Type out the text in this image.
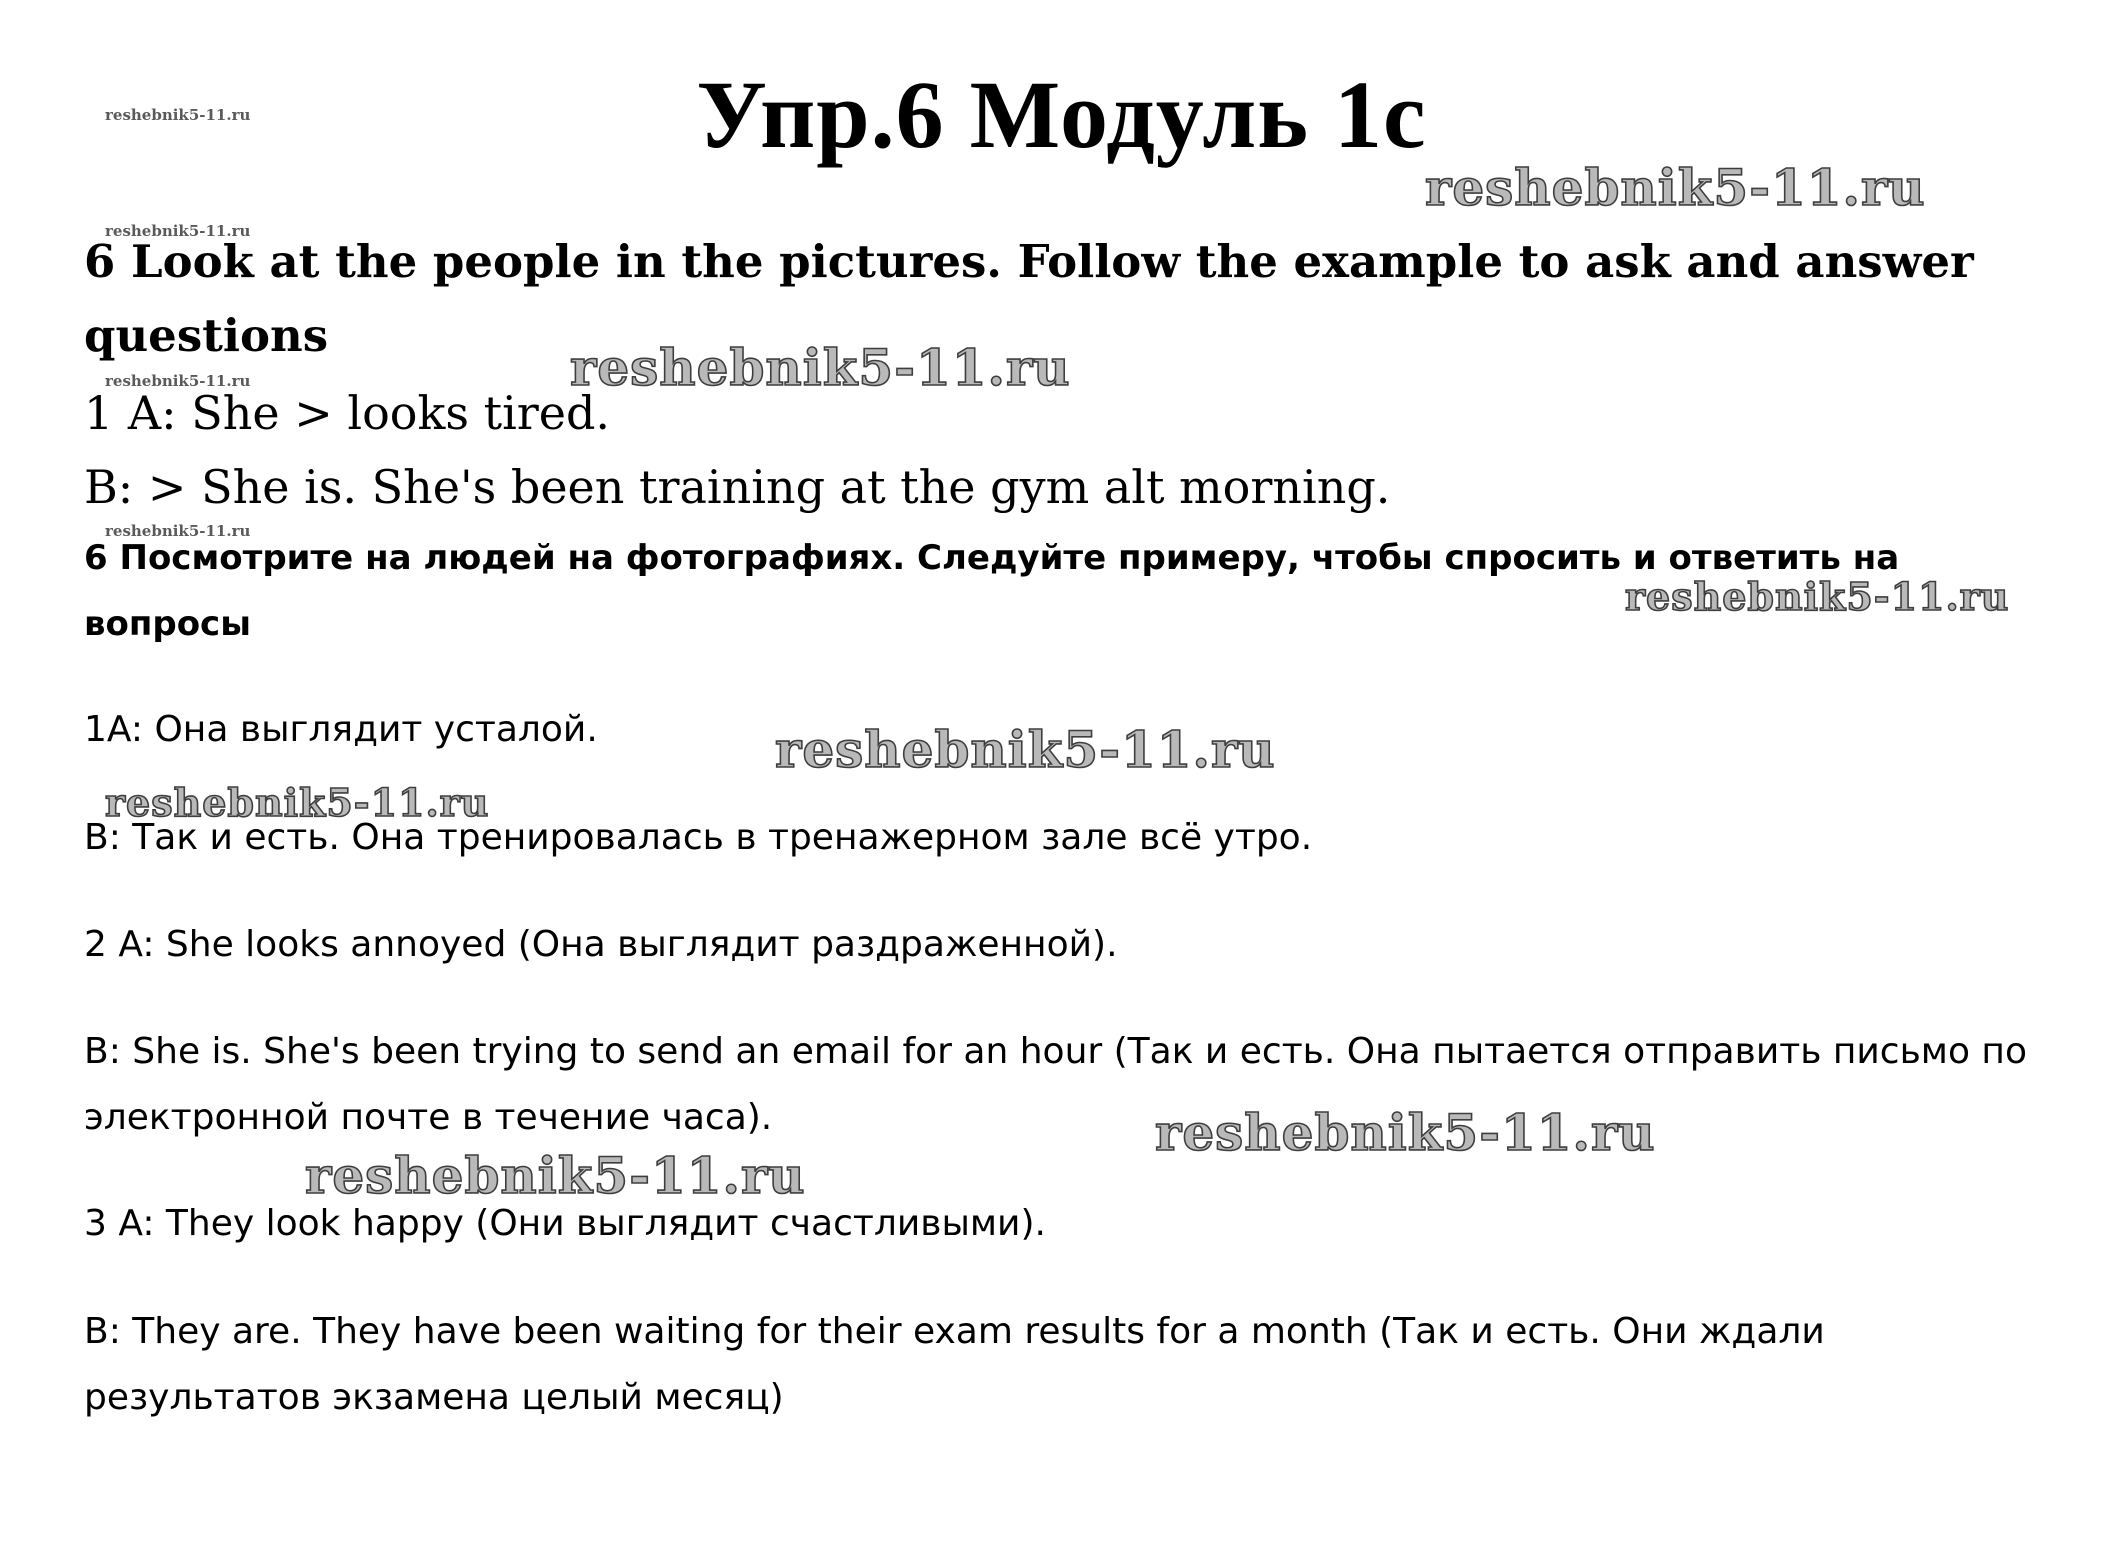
Упр.6 Модуль 1с

6 Look at the people in the pictures. Follow the example to ask and answer questions

1 A: She > looks tired.

B: > She is. She's been training at the gym alt morning.

6 Посмотрите на людей на фотографиях. Следуйте примеру, чтобы спросить и ответить на вопросы

1A: Она выглядит усталой.

B: Так и есть. Она тренировалась в тренажерном зале всё утро.

2 A: She looks annoyed (Она выглядит раздраженной).

B: She is. She's been trying to send an email for an hour (Так и есть. Она пытается отправить письмо по электронной почте в течение часа).

3 A: They look happy (Они выглядит счастливыми).

B: They are. They have been waiting for their exam results for a month (Так и есть. Они ждали результатов экзамена целый месяц)

reshebnik5-11.ru
reshebnik5-11.ru
reshebnik5-11.ru
reshebnik5-11.ru
reshebnik5-11.ru
reshebnik5-11.ru
reshebnik5-11.ru
reshebnik5-11.ru
reshebnik5-11.ru
reshebnik5-11.ru
reshebnik5-11.ru
